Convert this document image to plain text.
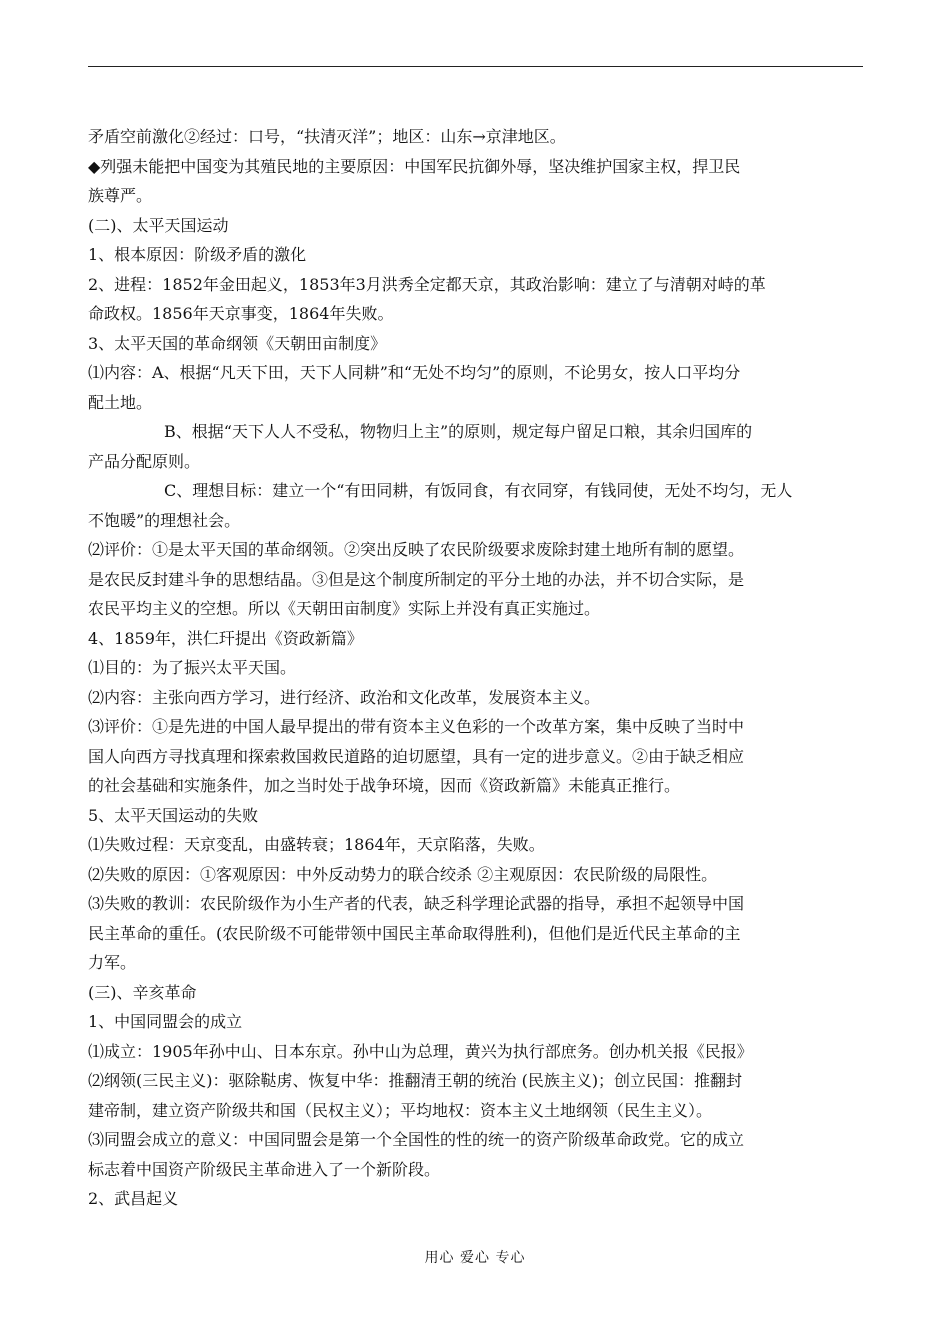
矛盾空前激化②经过：口号，“扶清灭洋”；地区：山东→京津地区。
◆列强未能把中国变为其殖民地的主要原因：中国军民抗御外辱，坚决维护国家主权，捍卫民
族尊严。
(二)、太平天国运动
1、根本原因：阶级矛盾的激化
2、进程：1852年金田起义，1853年3月洪秀全定都天京，其政治影响：建立了与清朝对峙的革
命政权。1856年天京事变，1864年失败。
3、太平天国的革命纲领《天朝田亩制度》
⑴内容：A、根据“凡天下田，天下人同耕”和“无处不均匀”的原则，不论男女，按人口平均分
配土地。
B、根据“天下人人不受私，物物归上主”的原则，规定每户留足口粮，其余归国库的
产品分配原则。
C、理想目标：建立一个“有田同耕，有饭同食，有衣同穿，有钱同使，无处不均匀，无人
不饱暖”的理想社会。
⑵评价：①是太平天国的革命纲领。②突出反映了农民阶级要求废除封建土地所有制的愿望。
是农民反封建斗争的思想结晶。③但是这个制度所制定的平分土地的办法，并不切合实际，是
农民平均主义的空想。所以《天朝田亩制度》实际上并没有真正实施过。
4、1859年，洪仁玕提出《资政新篇》
⑴目的：为了振兴太平天国。
⑵内容：主张向西方学习，进行经济、政治和文化改革，发展资本主义。
⑶评价：①是先进的中国人最早提出的带有资本主义色彩的一个改革方案，集中反映了当时中
国人向西方寻找真理和探索救国救民道路的迫切愿望，具有一定的进步意义。②由于缺乏相应
的社会基础和实施条件，加之当时处于战争环境，因而《资政新篇》未能真正推行。
5、太平天国运动的失败
⑴失败过程：天京变乱，由盛转衰；1864年，天京陷落，失败。
⑵失败的原因：①客观原因：中外反动势力的联合绞杀 ②主观原因：农民阶级的局限性。
⑶失败的教训：农民阶级作为小生产者的代表，缺乏科学理论武器的指导，承担不起领导中国
民主革命的重任。(农民阶级不可能带领中国民主革命取得胜利)，但他们是近代民主革命的主
力军。
(三)、辛亥革命
1、中国同盟会的成立
⑴成立：1905年孙中山、日本东京。孙中山为总理，黄兴为执行部庶务。创办机关报《民报》
⑵纲领(三民主义)：驱除鞑虏、恢复中华：推翻清王朝的统治 (民族主义)；创立民国：推翻封
建帝制，建立资产阶级共和国（民权主义）；平均地权：资本主义土地纲领（民生主义）。
⑶同盟会成立的意义：中国同盟会是第一个全国性的性的统一的资产阶级革命政党。它的成立
标志着中国资产阶级民主革命进入了一个新阶段。
2、武昌起义
用心 爱心 专心
